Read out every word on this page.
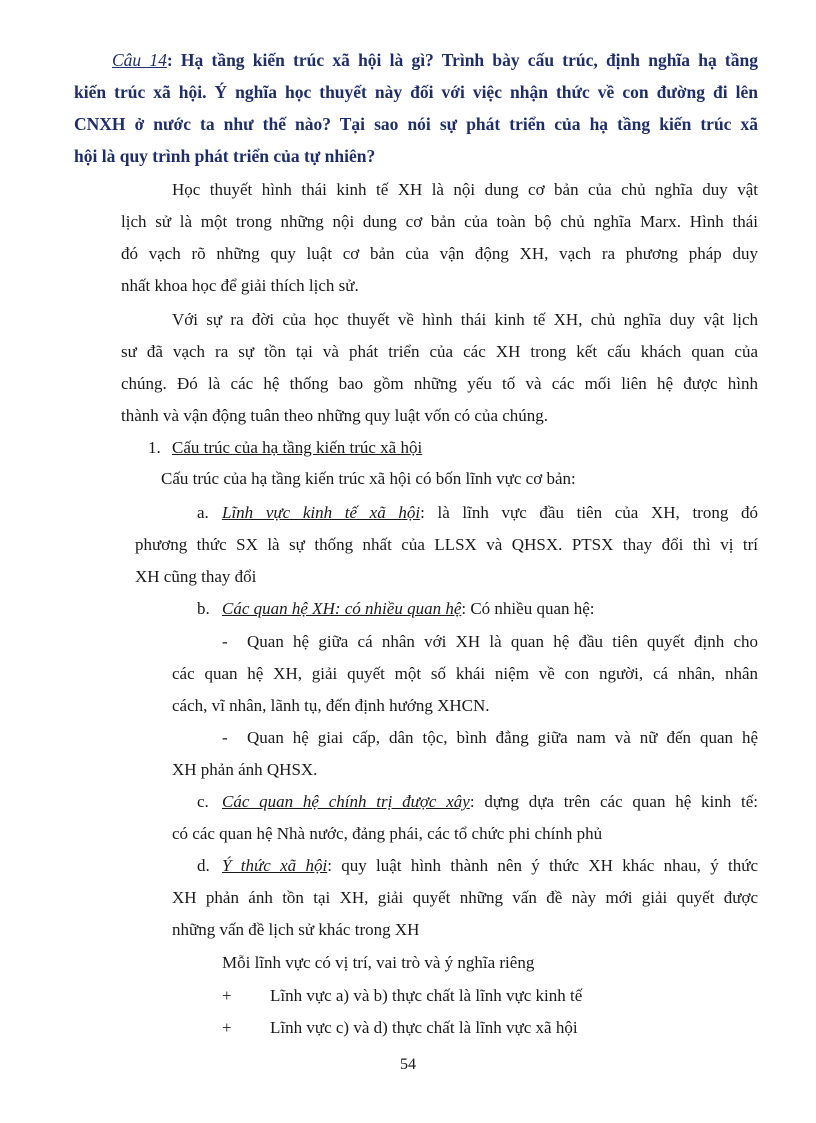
Câu 14: Hạ tầng kiến trúc xã hội là gì? Trình bày cấu trúc, định nghĩa hạ tầng
kiến trúc xã hội. Ý nghĩa học thuyết này đối với việc nhận thức về con đường đi lên
CNXH ở nước ta như thế nào? Tại sao nói sự phát triển của hạ tầng kiến trúc xã
hội là quy trình phát triển của tự nhiên?
Học thuyết hình thái kinh tế XH là nội dung cơ bản của chủ nghĩa duy vật
lịch sử là một trong những nội dung cơ bản của toàn bộ chủ nghĩa Marx. Hình thái
đó vạch rõ những quy luật cơ bản của vận động XH, vạch ra phương pháp duy
nhất khoa học để giải thích lịch sử.
Với sự ra đời của học thuyết về hình thái kinh tế XH, chủ nghĩa duy vật lịch
sư đã vạch ra sự tồn tại và phát triển của các XH trong kết cấu khách quan của
chúng. Đó là các hệ thống bao gồm những yếu tố và các mối liên hệ được hình
thành và vận động tuân theo những quy luật vốn có của chúng.
1. Cấu trúc của hạ tầng kiến trúc xã hội
Cấu trúc của hạ tầng kiến trúc xã hội có bốn lĩnh vực cơ bản:
a. Lĩnh vực kinh tế xã hội: là lĩnh vực đầu tiên của XH, trong đó
phương thức SX là sự thống nhất của LLSX và QHSX. PTSX thay đổi thì vị trí
XH cũng thay đổi
b. Các quan hệ XH: có nhiều quan hệ: Có nhiều quan hệ:
- Quan hệ giữa cá nhân với XH là quan hệ đầu tiên quyết định cho
các quan hệ XH, giải quyết một số khái niệm về con người, cá nhân, nhân
cách, vĩ nhân, lãnh tụ, đến định hướng XHCN.
- Quan hệ giai cấp, dân tộc, bình đẳng giữa nam và nữ đến quan hệ
XH phản ánh QHSX.
c. Các quan hệ chính trị được xây: dựng dựa trên các quan hệ kinh tế:
có các quan hệ Nhà nước, đảng phái, các tổ chức phi chính phủ
d. Ý thức xã hội: quy luật hình thành nên ý thức XH khác nhau, ý thức
XH phản ánh tồn tại XH, giải quyết những vấn đề này mới giải quyết được
những vấn đề lịch sử khác trong XH
Mỗi lĩnh vực có vị trí, vai trò và ý nghĩa riêng
+ Lĩnh vực a) và b) thực chất là lĩnh vực kinh tế
+ Lĩnh vực c) và d) thực chất là lĩnh vực xã hội
54
